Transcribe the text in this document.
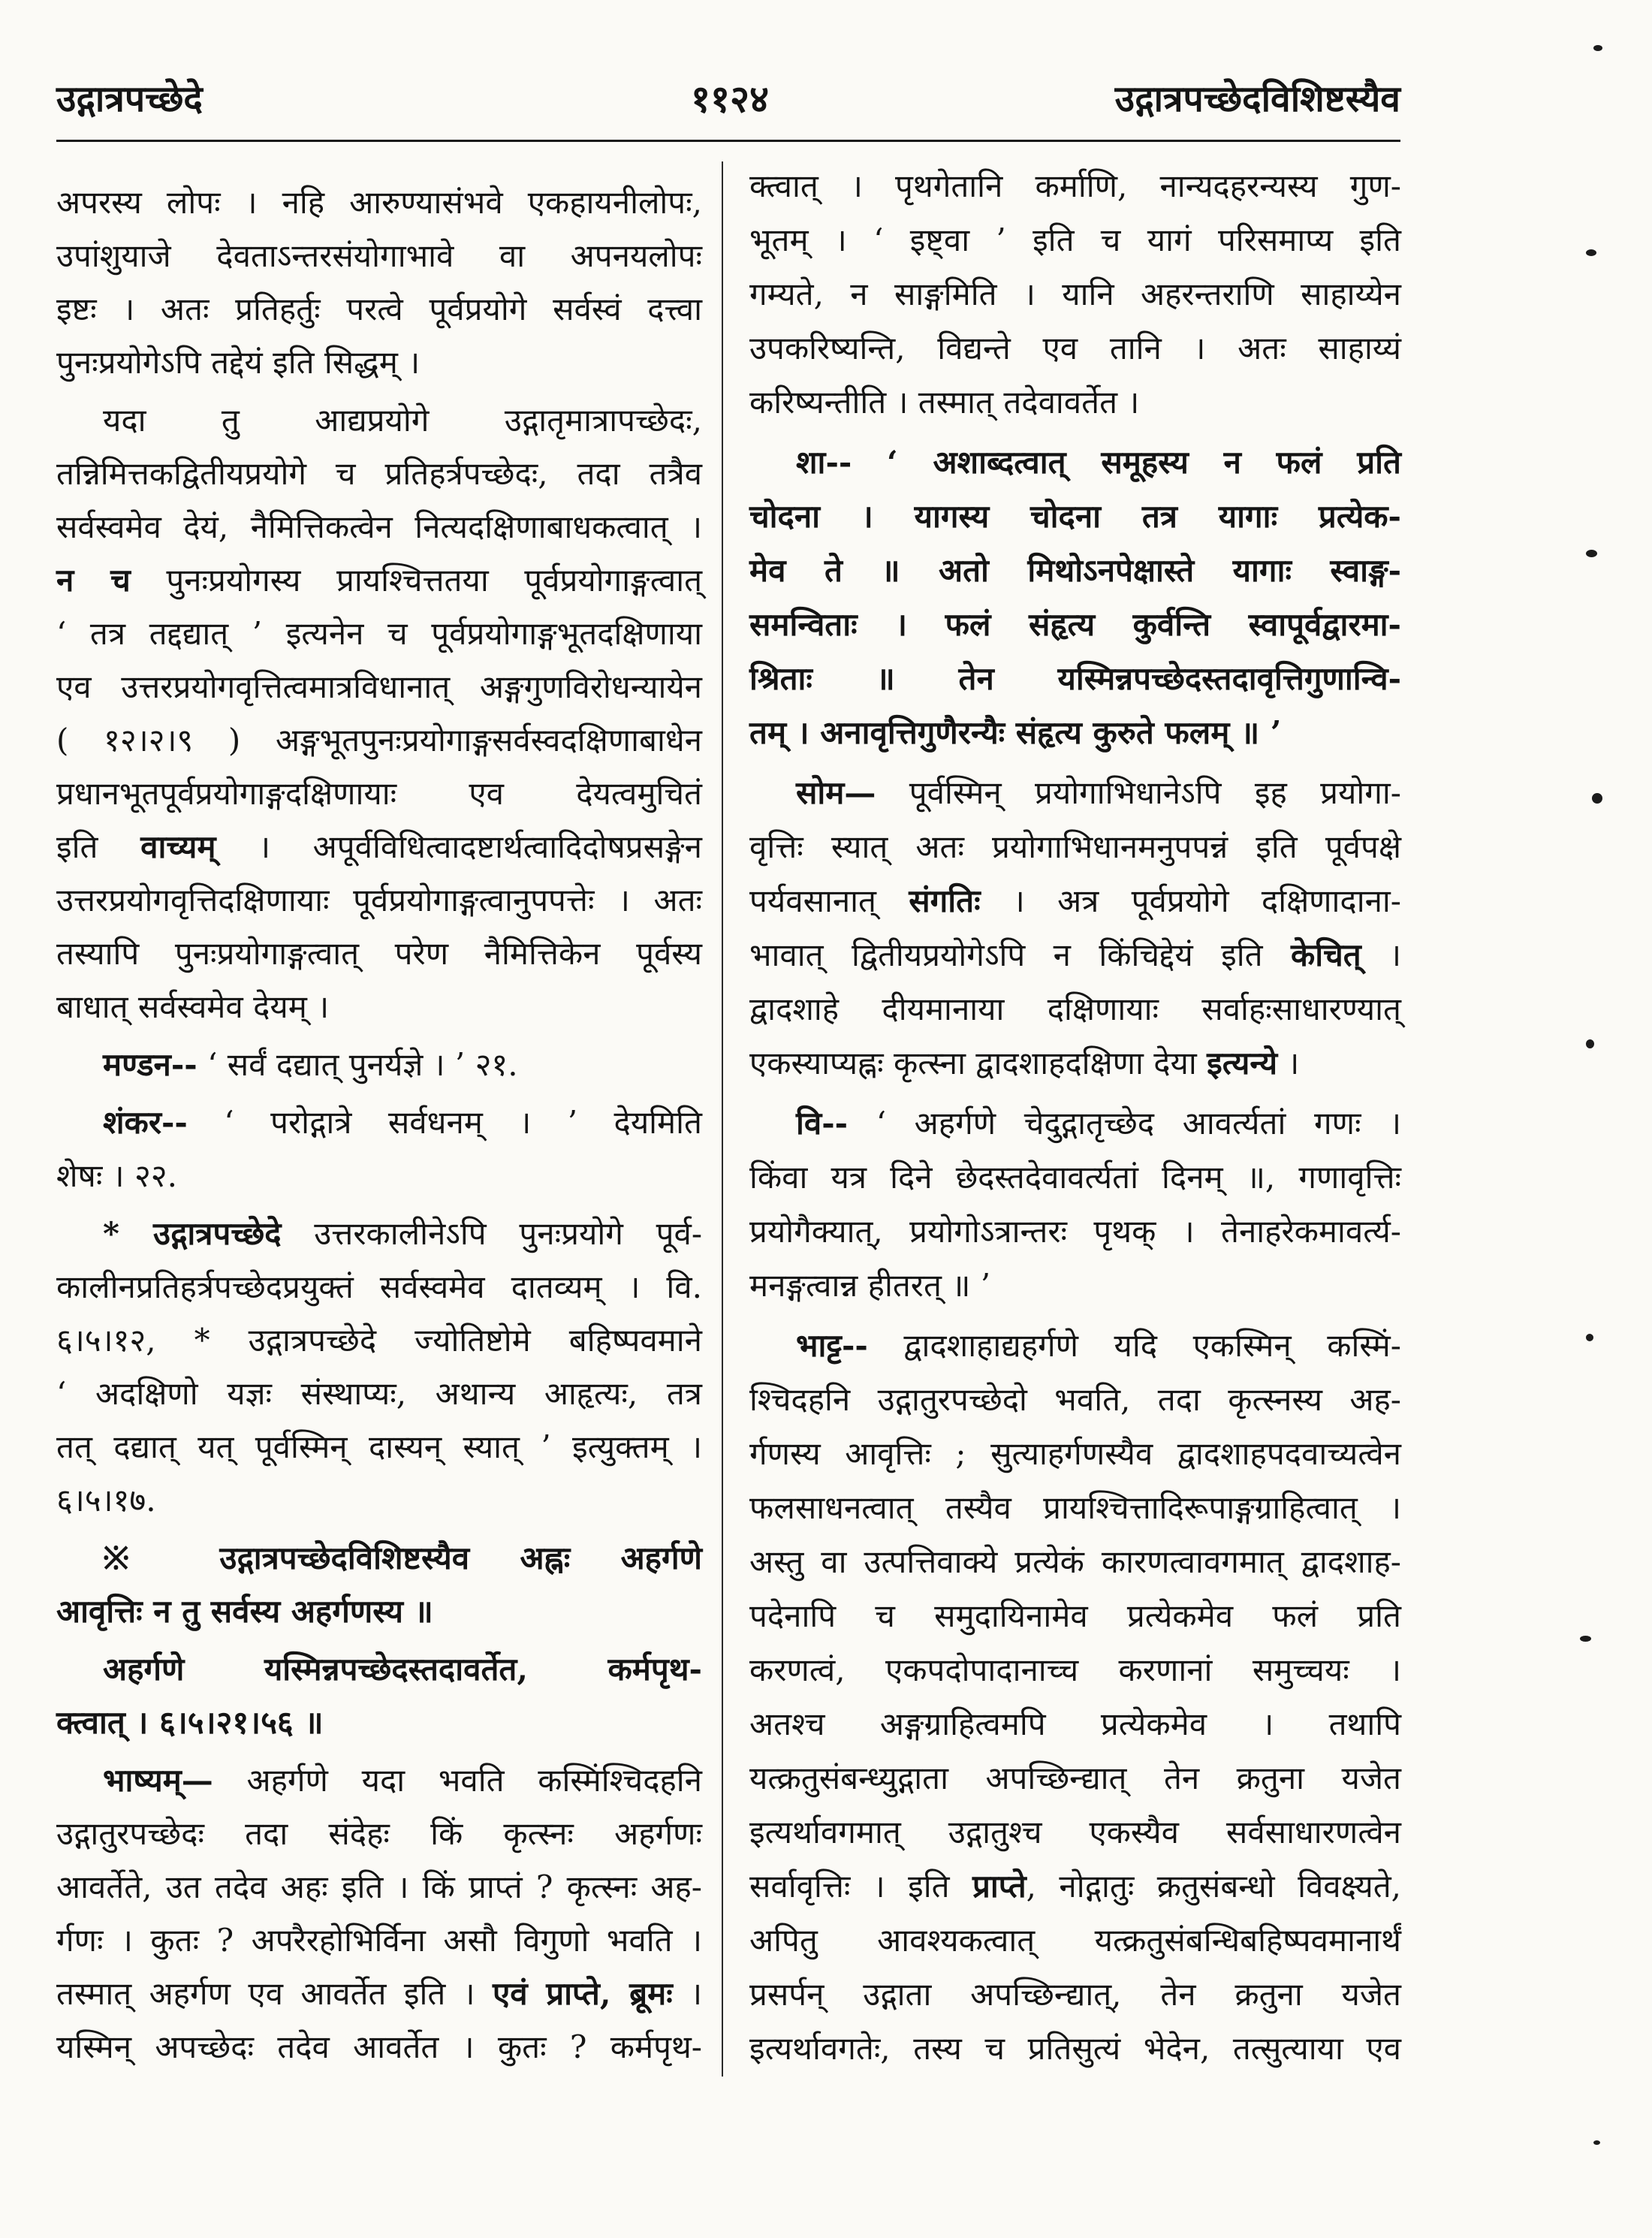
उद्गात्रपच्छेदे	११२४	उद्गात्रपच्छेदविशिष्टस्यैव
अपरस्य लोपः । नहि आरुण्यासंभवे एकहायनीलोपः,
उपांशुयाजे देवताऽन्तरसंयोगाभावे वा अपनयलोपः
इष्टः । अतः प्रतिहर्तुः परत्वे पूर्वप्रयोगे सर्वस्वं दत्त्वा
पुनःप्रयोगेऽपि तद्देयं इति सिद्धम् ।
यदा तु आद्यप्रयोगे उद्गातृमात्रापच्छेदः,
तन्निमित्तकद्वितीयप्रयोगे च प्रतिहर्त्रपच्छेदः, तदा तत्रैव
सर्वस्वमेव देयं, नैमित्तिकत्वेन नित्यदक्षिणाबाधकत्वात् ।
न च पुनःप्रयोगस्य प्रायश्चित्ततया पूर्वप्रयोगाङ्गत्वात्
‘ तत्र तद्दद्यात् ’ इत्यनेन च पूर्वप्रयोगाङ्गभूतदक्षिणाया
एव उत्तरप्रयोगवृत्तित्वमात्रविधानात् अङ्गगुणविरोधन्यायेन
( १२।२।९ ) अङ्गभूतपुनःप्रयोगाङ्गसर्वस्वदक्षिणाबाधेन
प्रधानभूतपूर्वप्रयोगाङ्गदक्षिणायाः एव देयत्वमुचितं
इति वाच्यम् । अपूर्वविधित्वादष्टार्थत्वादिदोषप्रसङ्गेन
उत्तरप्रयोगवृत्तिदक्षिणायाः पूर्वप्रयोगाङ्गत्वानुपपत्तेः । अतः
तस्यापि पुनःप्रयोगाङ्गत्वात् परेण नैमित्तिकेन पूर्वस्य
बाधात् सर्वस्वमेव देयम् ।
मण्डन-- ‘ सर्वं दद्यात् पुनर्यज्ञे । ’ २१.
शंकर-- ‘ परोद्गात्रे सर्वधनम् । ’ देयमिति
शेषः । २२.
* उद्गात्रपच्छेदे उत्तरकालीनेऽपि पुनःप्रयोगे पूर्व-
कालीनप्रतिहर्त्रपच्छेदप्रयुक्तं सर्वस्वमेव दातव्यम् । वि.
६।५।१२, * उद्गात्रपच्छेदे ज्योतिष्टोमे बहिष्पवमाने
‘ अदक्षिणो यज्ञः संस्थाप्यः, अथान्य आहृत्यः, तत्र
तत् दद्यात् यत् पूर्वस्मिन् दास्यन् स्यात् ’ इत्युक्तम् ।
६।५।१७.
※ उद्गात्रपच्छेदविशिष्टस्यैव अह्नः अहर्गणे
आवृत्तिः न तु सर्वस्य अहर्गणस्य ॥
अहर्गणे यस्मिन्नपच्छेदस्तदावर्तेत, कर्मपृथ-
क्त्वात् । ६।५।२१।५६ ॥
भाष्यम्— अहर्गणे यदा भवति कस्मिंश्चिदहनि
उद्गातुरपच्छेदः तदा संदेहः किं कृत्स्नः अहर्गणः
आवर्तेते, उत तदेव अहः इति । किं प्राप्तं ? कृत्स्नः अह-
र्गणः । कुतः ? अपरैरहोभिर्विना असौ विगुणो भवति ।
तस्मात् अहर्गण एव आवर्तेत इति । एवं प्राप्ते, ब्रूमः ।
यस्मिन् अपच्छेदः तदेव आवर्तेत । कुतः ? कर्मपृथ-
क्त्वात् । पृथगेतानि कर्माणि, नान्यदहरन्यस्य गुण-
भूतम् । ‘ इष्ट्वा ’ इति च यागं परिसमाप्य इति
गम्यते, न साङ्गमिति । यानि अहरन्तराणि साहाय्येन
उपकरिष्यन्ति, विद्यन्ते एव तानि । अतः साहाय्यं
करिष्यन्तीति । तस्मात् तदेवावर्तेत ।
शा-- ‘ अशाब्दत्वात् समूहस्य न फलं प्रति
चोदना । यागस्य चोदना तत्र यागाः प्रत्येक-
मेव ते ॥ अतो मिथोऽनपेक्षास्ते यागाः स्वाङ्ग-
समन्विताः । फलं संहृत्य कुर्वन्ति स्वापूर्वद्वारमा-
श्रिताः ॥ तेन यस्मिन्नपच्छेदस्तदावृत्तिगुणान्वि-
तम् । अनावृत्तिगुणैरन्यैः संहृत्य कुरुते फलम् ॥ ’
सोम— पूर्वस्मिन् प्रयोगाभिधानेऽपि इह प्रयोगा-
वृत्तिः स्यात् अतः प्रयोगाभिधानमनुपपन्नं इति पूर्वपक्षे
पर्यवसानात् संगतिः । अत्र पूर्वप्रयोगे दक्षिणादाना-
भावात् द्वितीयप्रयोगेऽपि न किंचिद्देयं इति केचित् ।
द्वादशाहे दीयमानाया दक्षिणायाः सर्वाहःसाधारण्यात्
एकस्याप्यह्नः कृत्स्ना द्वादशाहदक्षिणा देया इत्यन्ये ।
वि-- ‘ अहर्गणे चेदुद्गातृच्छेद आवर्त्यतां गणः ।
किंवा यत्र दिने छेदस्तदेवावर्त्यतां दिनम् ॥, गणावृत्तिः
प्रयोगैक्यात्, प्रयोगोऽत्रान्तरः पृथक् । तेनाहरेकमावर्त्य-
मनङ्गत्वान्न हीतरत् ॥ ’
भाट्ट-- द्वादशाहाद्यहर्गणे यदि एकस्मिन् कस्मिं-
श्चिदहनि उद्गातुरपच्छेदो भवति, तदा कृत्स्नस्य अह-
र्गणस्य आवृत्तिः ; सुत्याहर्गणस्यैव द्वादशाहपदवाच्यत्वेन
फलसाधनत्वात् तस्यैव प्रायश्चित्तादिरूपाङ्गग्राहित्वात् ।
अस्तु वा उत्पत्तिवाक्ये प्रत्येकं कारणत्वावगमात् द्वादशाह-
पदेनापि च समुदायिनामेव प्रत्येकमेव फलं प्रति
करणत्वं, एकपदोपादानाच्च करणानां समुच्चयः ।
अतश्च अङ्गग्राहित्वमपि प्रत्येकमेव । तथापि
यत्क्रतुसंबन्ध्युद्गाता अपच्छिन्द्यात् तेन क्रतुना यजेत
इत्यर्थावगमात् उद्गातुश्च एकस्यैव सर्वसाधारणत्वेन
सर्वावृत्तिः । इति प्राप्ते, नोद्गातुः क्रतुसंबन्धो विवक्ष्यते,
अपितु आवश्यकत्वात् यत्क्रतुसंबन्धिबहिष्पवमानार्थं
प्रसर्पन् उद्गाता अपच्छिन्द्यात्, तेन क्रतुना यजेत
इत्यर्थावगतेः, तस्य च प्रतिसुत्यं भेदेन, तत्सुत्याया एव
